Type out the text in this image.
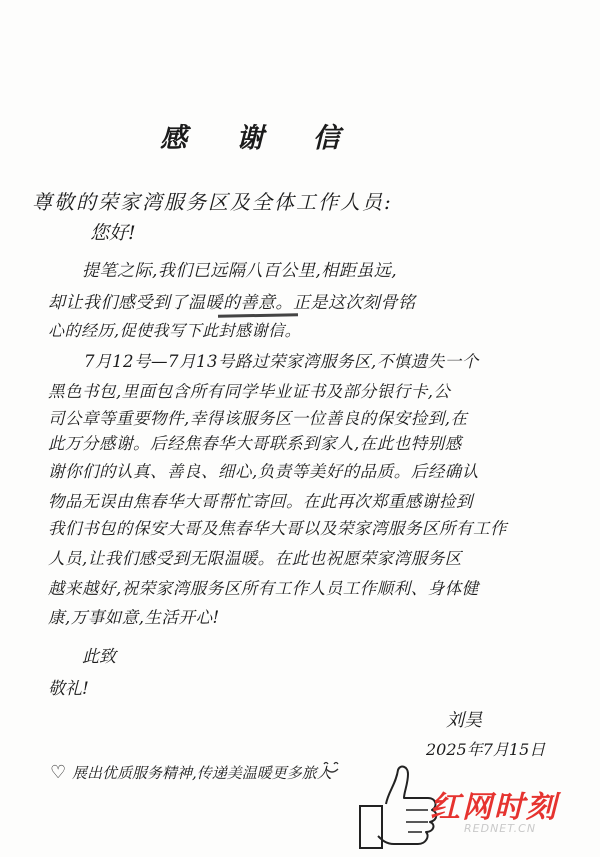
感 谢 信
尊敬的荣家湾服务区及全体工作人员:
您好!
提笔之际,我们已远隔八百公里,相距虽远,
却让我们感受到了温暖的善意。正是这次刻骨铭
心的经历,促使我写下此封感谢信。
7月12号—7月13号路过荣家湾服务区,不慎遗失一个
黑色书包,里面包含所有同学毕业证书及部分银行卡,公
司公章等重要物件,幸得该服务区一位善良的保安捡到,在
此万分感谢。后经焦春华大哥联系到家人,在此也特别感
谢你们的认真、善良、细心,负责等美好的品质。后经确认
物品无误由焦春华大哥帮忙寄回。在此再次郑重感谢捡到
我们书包的保安大哥及焦春华大哥以及荣家湾服务区所有工作
人员,让我们感受到无限温暖。在此也祝愿荣家湾服务区
越来越好,祝荣家湾服务区所有工作人员工作顺利、身体健
康,万事如意,生活开心!
此致
敬礼!
刘昊
2025年7月15日
♡ 展出优质服务精神,传递美温暖更多旅人
红网时刻
REDNET.CN
